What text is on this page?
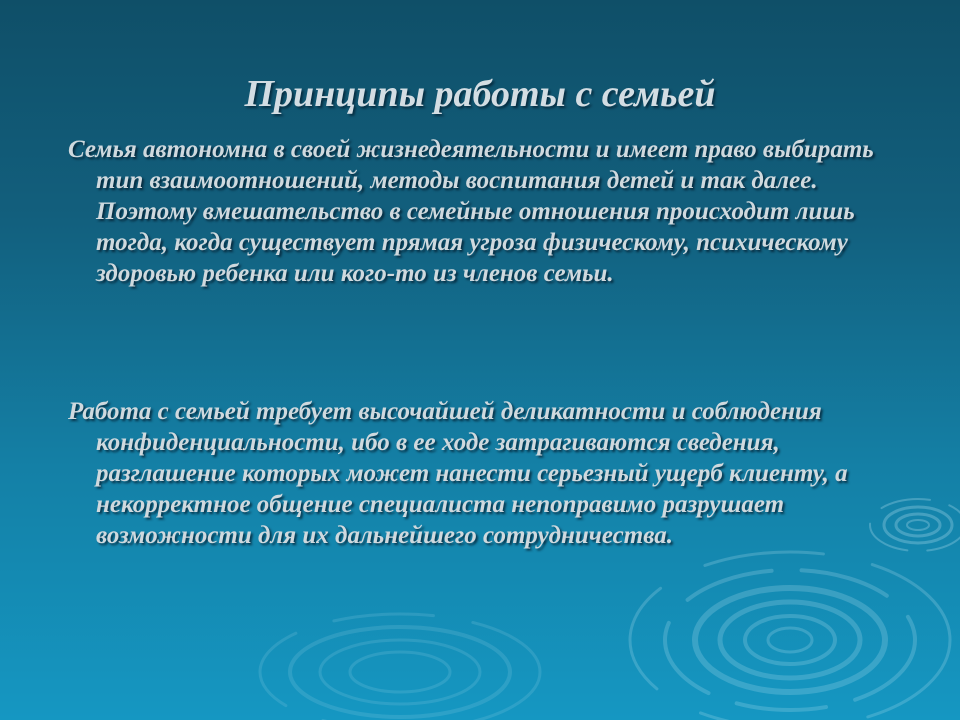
Принципы работы с семьей

Семья автономна в своей жизнедеятельности и имеет право выбирать тип взаимоотношений, методы воспитания детей и так далее. Поэтому вмешательство в семейные отношения происходит лишь тогда, когда существует прямая угроза физическому, психическому здоровью ребенка или кого-то из членов семьи.

Работа с семьей требует высочайшей деликатности и соблюдения конфиденциальности, ибо в ее ходе затрагиваются сведения, разглашение которых может нанести серьезный ущерб клиенту, а некорректное общение специалиста непоправимо разрушает возможности для их дальнейшего сотрудничества.
